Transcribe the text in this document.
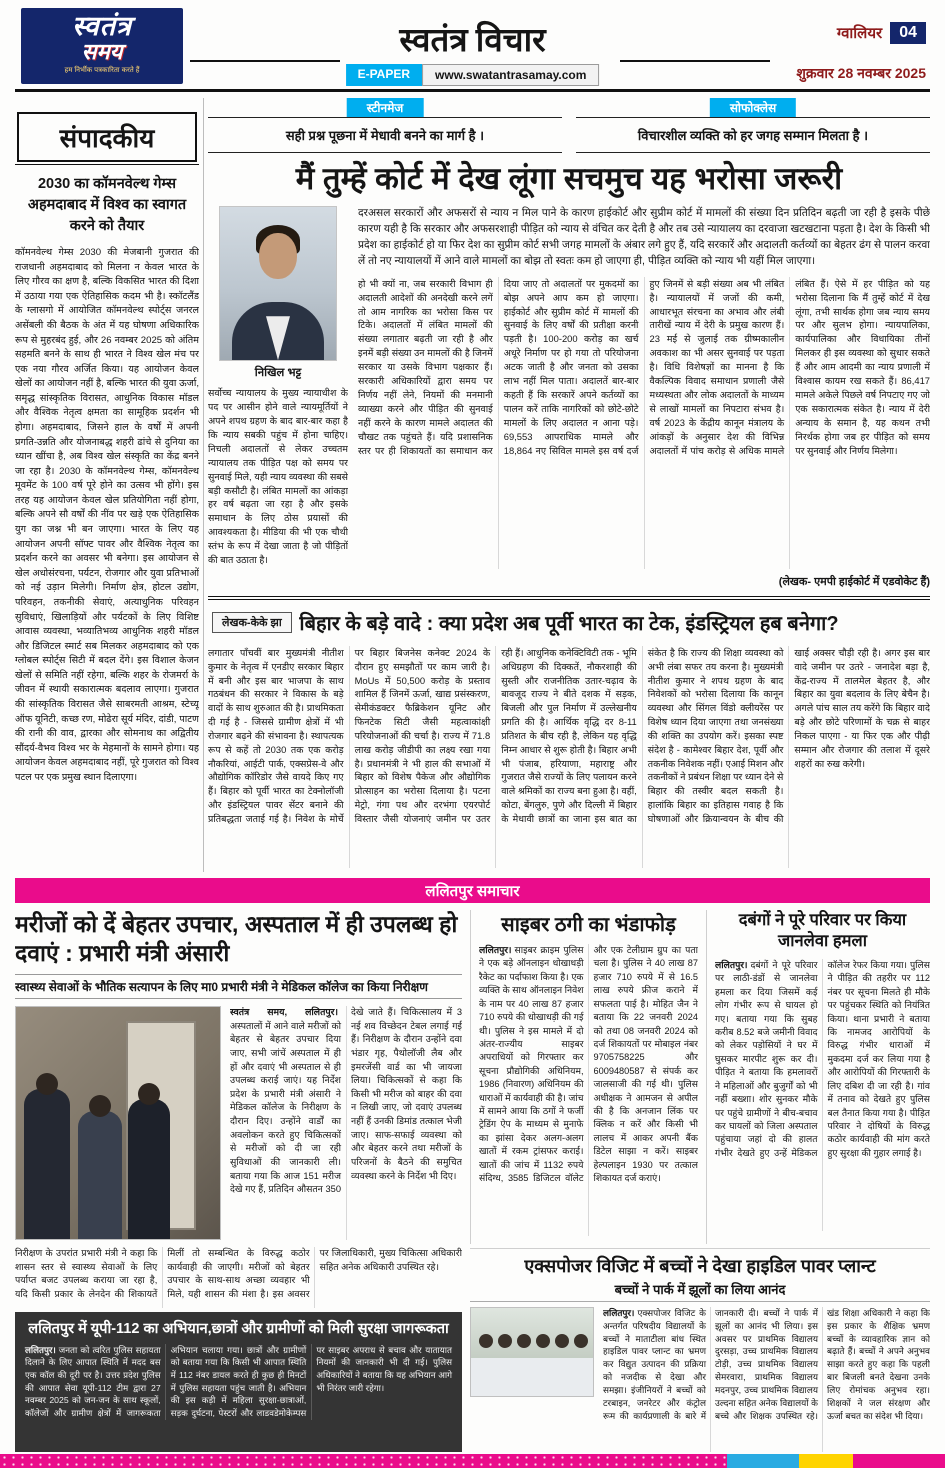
स्वतंत्र
समय
हम निर्भीक पत्रकारिता करते हैं
स्वतंत्र विचार
E-PAPER	www.swatantrasamay.com
ग्वालियर	04
शुक्रवार 28 नवम्बर 2025
स्टीनमेज
सही प्रश्न पूछना में मेधावी बनने का मार्ग है ।
सोफोक्लेस
विचारशील व्यक्ति को हर जगह सम्मान मिलता है ।
संपादकीय
2030 का कॉमनवेल्थ गेम्स अहमदाबाद में विश्व का स्वागत करने को तैयार
कॉमनवेल्थ गेम्स 2030 की मेजबानी गुजरात की राजधानी अहमदाबाद को मिलना न केवल भारत के लिए गौरव का क्षण है, बल्कि विकसित भारत की दिशा में उठाया गया एक ऐतिहासिक कदम भी है। स्कॉटलैंड के ग्लासगो में आयोजित कॉमनवेल्थ स्पोर्ट्स जनरल असेंबली की बैठक के अंत में यह घोषणा अधिकारिक रूप से मुहरबंद हुई, और 26 नवम्बर 2025 को अंतिम सहमति बनने के साथ ही भारत ने विश्व खेल मंच पर एक नया गौरव अर्जित किया। यह आयोजन केवल खेलों का आयोजन नहीं है, बल्कि भारत की युवा ऊर्जा, समृद्ध सांस्कृतिक विरासत, आधुनिक विकास मॉडल और वैश्विक नेतृत्व क्षमता का सामूहिक प्रदर्शन भी होगा। अहमदाबाद, जिसने हाल के वर्षों में अपनी प्रगति-उन्नति और योजनाबद्ध शहरी ढांचे से दुनिया का ध्यान खींचा है, अब विश्व खेल संस्कृति का केंद्र बनने जा रहा है। 2030 के कॉमनवेल्थ गेम्स, कॉमनवेल्थ मूवमेंट के 100 वर्ष पूरे होने का उत्सव भी होंगे। इस तरह यह आयोजन केवल खेल प्रतियोगिता नहीं होगा, बल्कि अपने सौ वर्षों की नींव पर खड़े एक ऐतिहासिक युग का जश्न भी बन जाएगा। भारत के लिए यह आयोजन अपनी सॉफ्ट पावर और वैश्विक नेतृत्व का प्रदर्शन करने का अवसर भी बनेगा। इस आयोजन से खेल अधोसंरचना, पर्यटन, रोजगार और युवा प्रतिभाओं को नई उड़ान मिलेगी। निर्माण क्षेत्र, होटल उद्योग, परिवहन, तकनीकी सेवाएं, अत्याधुनिक परिवहन सुविधाएं, खिलाड़ियों और पर्यटकों के लिए विशिष्ट आवास व्यवस्था, भव्यातिभव्य आधुनिक शहरी मॉडल और डिजिटल स्मार्ट सब मिलकर अहमदाबाद को एक ग्लोबल स्पोर्ट्स सिटी में बदल देंगे। इस विशाल केजन खेलों से समिति नहीं रहेगा, बल्कि शहर के रोजमर्रा के जीवन में स्थायी सकारात्मक बदलाव लाएगा। गुजरात की सांस्कृतिक विरासत जैसे साबरमती आश्रम, स्टेच्यू ऑफ यूनिटी, कच्छ रण, मोढेरा सूर्य मंदिर, दांडी, पाटण की रानी की वाव, द्वारका और सोमनाथ का अद्वितीय सौंदर्य-वैभव विश्व भर के मेहमानों के सामने होगा। यह आयोजन केवल अहमदाबाद नहीं, पूरे गुजरात को विश्व पटल पर एक प्रमुख स्थान दिलाएगा।
मैं तुम्हें कोर्ट में देख लूंगा सचमुच यह भरोसा जरूरी
निखिल भट्ट
सर्वोच्च न्यायालय के मुख्य न्यायाधीश के पद पर आसीन होने वाले न्यायमूर्तियों ने अपने शपथ ग्रहण के बाद बार-बार कहा है कि न्याय सबकी पहुंच में होना चाहिए। निचली अदालतों से लेकर उच्चतम न्यायालय तक पीड़ित पक्ष को समय पर सुनवाई मिले, यही न्याय व्यवस्था की सबसे बड़ी कसौटी है। लंबित मामलों का आंकड़ा हर वर्ष बढ़ता जा रहा है और इसके समाधान के लिए ठोस प्रयासों की आवश्यकता है। मीडिया की भी एक चौथी स्तंभ के रूप में देखा जाता है जो पीड़ितों की बात उठाता है।
दरअसल सरकारों और अफसरों से न्याय न मिल पाने के कारण हाईकोर्ट और सुप्रीम कोर्ट में मामलों की संख्या दिन प्रतिदिन बढ़ती जा रही है इसके पीछे कारण यही है कि सरकार और अफसरशाही पीड़ित को न्याय से वंचित कर देती है और तब उसे न्यायालय का दरवाजा खटखटाना पड़ता है। देश के किसी भी प्रदेश का हाईकोर्ट हो या फिर देश का सुप्रीम कोर्ट सभी जगह मामलों के अंबार लगे हुए हैं, यदि सरकारें और अदालती कर्तव्यों का बेहतर ढंग से पालन करवा लें तो नए न्यायालयों में आने वाले मामलों का बोझ तो स्वतः कम हो जाएगा ही, पीड़ित व्यक्ति को न्याय भी यहीं मिल जाएगा।
हो भी क्यों ना, जब सरकारी विभाग ही अदालती आदेशों की अनदेखी करने लगें तो आम नागरिक का भरोसा किस पर टिके। अदालतों में लंबित मामलों की संख्या लगातार बढ़ती जा रही है और इनमें बड़ी संख्या उन मामलों की है जिनमें सरकार या उसके विभाग पक्षकार हैं। सरकारी अधिकारियों द्वारा समय पर निर्णय नहीं लेने, नियमों की मनमानी व्याख्या करने और पीड़ित की सुनवाई नहीं करने के कारण मामले अदालत की चौखट तक पहुंचते हैं। यदि प्रशासनिक स्तर पर ही शिकायतों का समाधान कर दिया जाए तो अदालतों पर मुकदमों का बोझ अपने आप कम हो जाएगा। हाईकोर्ट और सुप्रीम कोर्ट में मामलों की सुनवाई के लिए वर्षों की प्रतीक्षा करनी पड़ती है। 100-200 करोड़ का खर्च अधूरे निर्माण पर हो गया तो परियोजना अटक जाती है और जनता को उसका लाभ नहीं मिल पाता। अदालतें बार-बार कहती हैं कि सरकारें अपने कर्तव्यों का पालन करें ताकि नागरिकों को छोटे-छोटे मामलों के लिए अदालत न आना पड़े। 69,553 आपराधिक मामले और 18,864 नए सिविल मामले इस वर्ष दर्ज हुए जिनमें से बड़ी संख्या अब भी लंबित है। न्यायालयों में जजों की कमी, आधारभूत संरचना का अभाव और लंबी तारीखें न्याय में देरी के प्रमुख कारण हैं। 23 मई से जुलाई तक ग्रीष्मकालीन अवकाश का भी असर सुनवाई पर पड़ता है। विधि विशेषज्ञों का मानना है कि वैकल्पिक विवाद समाधान प्रणाली जैसे मध्यस्थता और लोक अदालतों के माध्यम से लाखों मामलों का निपटारा संभव है। वर्ष 2023 के केंद्रीय कानून मंत्रालय के आंकड़ों के अनुसार देश की विभिन्न अदालतों में पांच करोड़ से अधिक मामले लंबित हैं। ऐसे में हर पीड़ित को यह भरोसा दिलाना कि मैं तुम्हें कोर्ट में देख लूंगा, तभी सार्थक होगा जब न्याय समय पर और सुलभ होगा। न्यायपालिका, कार्यपालिका और विधायिका तीनों मिलकर ही इस व्यवस्था को सुधार सकते हैं और आम आदमी का न्याय प्रणाली में विश्वास कायम रख सकते हैं। 86,417 मामले अकेले पिछले वर्ष निपटाए गए जो एक सकारात्मक संकेत है। न्याय में देरी अन्याय के समान है, यह कथन तभी निरर्थक होगा जब हर पीड़ित को समय पर सुनवाई और निर्णय मिलेगा।
(लेखक- एमपी हाईकोर्ट में एडवोकेट हैं)
लेखक-केके झा बिहार के बड़े वादे : क्या प्रदेश अब पूर्वी भारत का टेक, इंडस्ट्रियल हब बनेगा?
लगातार पाँचवीं बार मुख्यमंत्री नीतीश कुमार के नेतृत्व में एनडीए सरकार बिहार में बनी और इस बार भाजपा के साथ गठबंधन की सरकार ने विकास के बड़े वादों के साथ शुरुआत की है। प्राथमिकता दी गई है - जिससे ग्रामीण क्षेत्रों में भी रोजगार बढ़ने की संभावना है। स्थापत्यक रूप से कहें तो 2030 तक एक करोड़ नौकरियां, आईटी पार्क, एक्सप्रेस-वे और औद्योगिक कॉरिडोर जैसे वायदे किए गए हैं। बिहार को पूर्वी भारत का टेक्नोलॉजी और इंडस्ट्रियल पावर सेंटर बनाने की प्रतिबद्धता जताई गई है। निवेश के मोर्चे पर बिहार बिजनेस कनेक्ट 2024 के दौरान हुए समझौतों पर काम जारी है। MoUs में 50,500 करोड़ के प्रस्ताव शामिल हैं जिनमें ऊर्जा, खाद्य प्रसंस्करण, सेमीकंडक्टर फैब्रिकेशन यूनिट और फिनटेक सिटी जैसी महत्वाकांक्षी परियोजनाओं की चर्चा है। राज्य में 71.8 लाख करोड़ जीडीपी का लक्ष्य रखा गया है। प्रधानमंत्री ने भी हाल की सभाओं में बिहार को विशेष पैकेज और औद्योगिक प्रोत्साहन का भरोसा दिलाया है। पटना मेट्रो, गंगा पथ और दरभंगा एयरपोर्ट विस्तार जैसी योजनाएं जमीन पर उतर रही हैं। आधुनिक कनेक्टिविटी तक - भूमि अधिग्रहण की दिक्कतें, नौकरशाही की सुस्ती और राजनीतिक उतार-चढ़ाव के बावजूद राज्य ने बीते दशक में सड़क, बिजली और पुल निर्माण में उल्लेखनीय प्रगति की है। आर्थिक वृद्धि दर 8-11 प्रतिशत के बीच रही है, लेकिन यह वृद्धि निम्न आधार से शुरू होती है। बिहार अभी भी पंजाब, हरियाणा, महाराष्ट्र और गुजरात जैसे राज्यों के लिए पलायन करने वाले श्रमिकों का राज्य बना हुआ है। वहीं, कोटा, बेंगलुरु, पुणे और दिल्ली में बिहार के मेधावी छात्रों का जाना इस बात का संकेत है कि राज्य की शिक्षा व्यवस्था को अभी लंबा सफर तय करना है। मुख्यमंत्री नीतीश कुमार ने शपथ ग्रहण के बाद निवेशकों को भरोसा दिलाया कि कानून व्यवस्था और सिंगल विंडो क्लीयरेंस पर विशेष ध्यान दिया जाएगा तथा जनसंख्या की शक्ति का उपयोग करें। इसका स्पष्ट संदेश है - कामेश्वर बिहार देश, पूर्वी और तकनीक निवेशक नहीं। एआई मिशन और तकनीकों ने प्रबंधन शिक्षा पर ध्यान देने से बिहार की तस्वीर बदल सकती है। हालांकि बिहार का इतिहास गवाह है कि घोषणाओं और क्रियान्वयन के बीच की खाई अक्सर चौड़ी रही है। अगर इस बार वादे जमीन पर उतरे - जनादेश बड़ा है, केंद्र-राज्य में तालमेल बेहतर है, और बिहार का युवा बदलाव के लिए बेचैन है। अगले पांच साल तय करेंगे कि बिहार वादे बड़े और छोटे परिणामों के चक्र से बाहर निकल पाएगा - या फिर एक और पीढ़ी सम्मान और रोजगार की तलाश में दूसरे शहरों का रुख करेगी।
ललितपुर समाचार
मरीजों को दें बेहतर उपचार, अस्पताल में ही उपलब्ध हो दवाएं : प्रभारी मंत्री अंसारी
स्वास्थ्य सेवाओं के भौतिक सत्यापन के लिए मा0 प्रभारी मंत्री ने मेडिकल कॉलेज का किया निरीक्षण
स्वतंत्र समय, ललितपुर।अस्पतालों में आने वाले मरीजों को बेहतर से बेहतर उपचार दिया जाए, सभी जांचें अस्पताल में ही हों और दवाएं भी अस्पताल से ही उपलब्ध कराई जाएं। यह निर्देश प्रदेश के प्रभारी मंत्री अंसारी ने मेडिकल कॉलेज के निरीक्षण के दौरान दिए। उन्होंने वार्डों का अवलोकन करते हुए चिकित्सकों से मरीजों को दी जा रही सुविधाओं की जानकारी ली। बताया गया कि आज 151 मरीज देखे गए हैं, प्रतिदिन औसतन 350 देखे जाते हैं। चिकित्सालय में 3 नई शव विच्छेदन टेबल लगाई गई हैं। निरीक्षण के दौरान उन्होंने दवा भंडार गृह, पैथोलॉजी लैब और इमरजेंसी वार्ड का भी जायजा लिया। चिकित्सकों से कहा कि किसी भी मरीज को बाहर की दवा न लिखी जाए, जो दवाएं उपलब्ध नहीं हैं उनकी डिमांड तत्काल भेजी जाए। साफ-सफाई व्यवस्था को और बेहतर करने तथा मरीजों के परिजनों के बैठने की समुचित व्यवस्था करने के निर्देश भी दिए।
निरीक्षण के उपरांत प्रभारी मंत्री ने कहा कि शासन स्तर से स्वास्थ्य सेवाओं के लिए पर्याप्त बजट उपलब्ध कराया जा रहा है, यदि किसी प्रकार के लेनदेन की शिकायतें मिलीं तो सम्बन्धित के विरुद्ध कठोर कार्यवाही की जाएगी। मरीजों को बेहतर उपचार के साथ-साथ अच्छा व्यवहार भी मिले, यही शासन की मंशा है। इस अवसर पर जिलाधिकारी, मुख्य चिकित्सा अधिकारी सहित अनेक अधिकारी उपस्थित रहे।
साइबर ठगी का भंडाफोड़
ललितपुर। साइबर क्राइम पुलिस ने एक बड़े ऑनलाइन धोखाधड़ी रैकेट का पर्दाफाश किया है। एक व्यक्ति के साथ ऑनलाइन निवेश के नाम पर 40 लाख 87 हजार 710 रुपये की धोखाधड़ी की गई थी। पुलिस ने इस मामले में दो अंतर-राज्यीय साइबर अपराधियों को गिरफ्तार कर सूचना प्रौद्योगिकी अधिनियम, 1986 (निवारण) अधिनियम की धाराओं में कार्यवाही की है। जांच में सामने आया कि ठगों ने फर्जी ट्रेडिंग ऐप के माध्यम से मुनाफे का झांसा देकर अलग-अलग खातों में रकम ट्रांसफर कराई। खातों की जांच में 1132 रुपये संदिग्ध, 3585 डिजिटल वॉलेट और एक टेलीग्राम ग्रुप का पता चला है। पुलिस ने 40 लाख 87 हजार 710 रुपये में से 16.5 लाख रुपये फ्रीज कराने में सफलता पाई है। मोहित जैन ने बताया कि 22 जनवरी 2024 को तथा 08 जनवरी 2024 को दर्ज शिकायतों पर मोबाइल नंबर 9705758225 और 6009480587 से संपर्क कर जालसाजी की गई थी। पुलिस अधीक्षक ने आमजन से अपील की है कि अनजान लिंक पर क्लिक न करें और किसी भी लालच में आकर अपनी बैंक डिटेल साझा न करें। साइबर हेल्पलाइन 1930 पर तत्काल शिकायत दर्ज कराएं।
दबंगों ने पूरे परिवार पर किया जानलेवा हमला
ललितपुर। दबंगों ने पूरे परिवार पर लाठी-डंडों से जानलेवा हमला कर दिया जिसमें कई लोग गंभीर रूप से घायल हो गए। बताया गया कि सुबह करीब 8.52 बजे जमीनी विवाद को लेकर पड़ोसियों ने घर में घुसकर मारपीट शुरू कर दी। पीड़ित ने बताया कि हमलावरों ने महिलाओं और बुजुर्गों को भी नहीं बख्शा। शोर सुनकर मौके पर पहुंचे ग्रामीणों ने बीच-बचाव कर घायलों को जिला अस्पताल पहुंचाया जहां दो की हालत गंभीर देखते हुए उन्हें मेडिकल कॉलेज रेफर किया गया। पुलिस ने पीड़ित की तहरीर पर 112 नंबर पर सूचना मिलते ही मौके पर पहुंचकर स्थिति को नियंत्रित किया। थाना प्रभारी ने बताया कि नामजद आरोपियों के विरुद्ध गंभीर धाराओं में मुकदमा दर्ज कर लिया गया है और आरोपियों की गिरफ्तारी के लिए दबिश दी जा रही है। गांव में तनाव को देखते हुए पुलिस बल तैनात किया गया है। पीड़ित परिवार ने दोषियों के विरुद्ध कठोर कार्यवाही की मांग करते हुए सुरक्षा की गुहार लगाई है।
एक्सपोजर विजिट में बच्चों ने देखा हाइडिल पावर प्लान्ट
बच्चों ने पार्क में झूलों का लिया आनंद
ललितपुर। एक्सपोजर विजिट के अन्तर्गत परिषदीय विद्यालयों के बच्चों ने माताटीला बांध स्थित हाइडिल पावर प्लान्ट का भ्रमण कर विद्युत उत्पादन की प्रक्रिया को नजदीक से देखा और समझा। इंजीनियरों ने बच्चों को टरबाइन, जनरेटर और कंट्रोल रूम की कार्यप्रणाली के बारे में जानकारी दी। बच्चों ने पार्क में झूलों का आनंद भी लिया। इस अवसर पर प्राथमिक विद्यालय दुरसड़ा, उच्च प्राथमिक विद्यालय टोड़ी, उच्च प्राथमिक विद्यालय सेमरवारा, प्राथमिक विद्यालय मदनपुर, उच्च प्राथमिक विद्यालय उल्दना सहित अनेक विद्यालयों के बच्चे और शिक्षक उपस्थित रहे। खंड शिक्षा अधिकारी ने कहा कि इस प्रकार के शैक्षिक भ्रमण बच्चों के व्यावहारिक ज्ञान को बढ़ाते हैं। बच्चों ने अपने अनुभव साझा करते हुए कहा कि पहली बार बिजली बनते देखना उनके लिए रोमांचक अनुभव रहा। शिक्षकों ने जल संरक्षण और ऊर्जा बचत का संदेश भी दिया।
ललितपुर में यूपी-112 का अभियान,छात्रों और ग्रामीणों को मिली सुरक्षा जागरूकता
ललितपुर। जनता को त्वरित पुलिस सहायता दिलाने के लिए आपात स्थिति में मदद बस एक कॉल की दूरी पर है। उत्तर प्रदेश पुलिस की आपात सेवा यूपी-112 टीम द्वारा 27 नवम्बर 2025 को जन-जन के साथ स्कूलों, कॉलेजों और ग्रामीण क्षेत्रों में जागरूकता अभियान चलाया गया। छात्रों और ग्रामीणों को बताया गया कि किसी भी आपात स्थिति में 112 नंबर डायल करते ही कुछ ही मिनटों में पुलिस सहायता पहुंच जाती है। अभियान की इस कड़ी में महिला सुरक्षा-छात्राओं, सड़क दुर्घटना, पेस्टरों और लाडवडेमोकेम्पस पर साइबर अपराध से बचाव और यातायात नियमों की जानकारी भी दी गई। पुलिस अधिकारियों ने बताया कि यह अभियान आगे भी निरंतर जारी रहेगा।
